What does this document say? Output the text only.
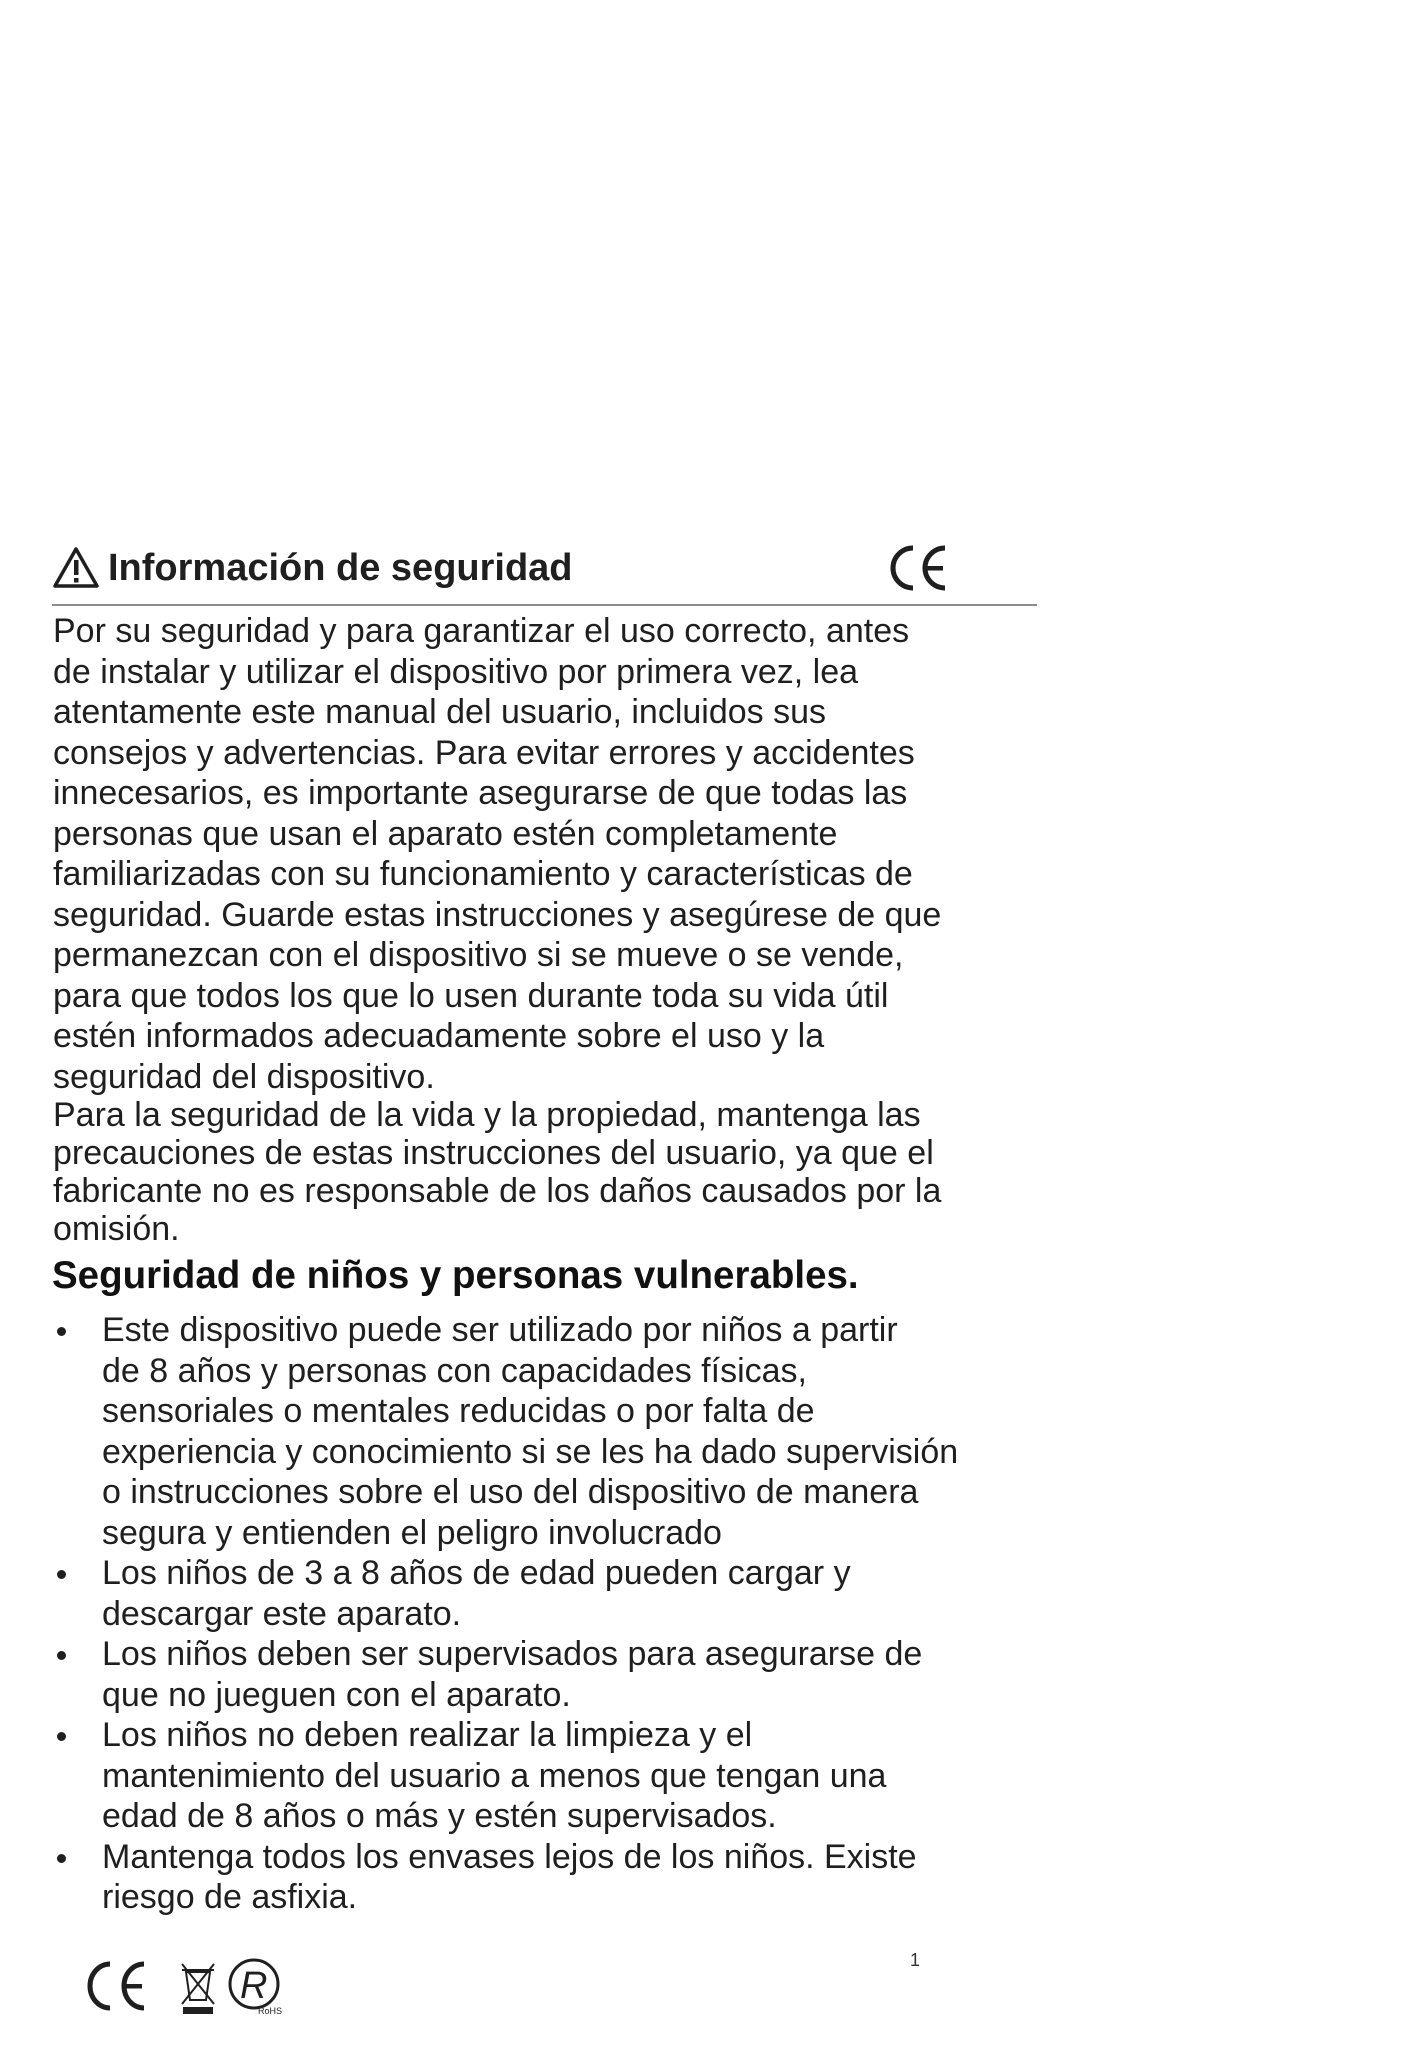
Información de seguridad
Por su seguridad y para garantizar el uso correcto, antes
de instalar y utilizar el dispositivo por primera vez, lea
atentamente este manual del usuario, incluidos sus
consejos y advertencias. Para evitar errores y accidentes
innecesarios, es importante asegurarse de que todas las
personas que usan el aparato estén completamente
familiarizadas con su funcionamiento y características de
seguridad. Guarde estas instrucciones y asegúrese de que
permanezcan con el dispositivo si se mueve o se vende,
para que todos los que lo usen durante toda su vida útil
estén informados adecuadamente sobre el uso y la
seguridad del dispositivo.
Para la seguridad de la vida y la propiedad, mantenga las
precauciones de estas instrucciones del usuario, ya que el
fabricante no es responsable de los daños causados por la
omisión.
Seguridad de niños y personas vulnerables.
Este dispositivo puede ser utilizado por niños a partir
de 8 años y personas con capacidades físicas,
sensoriales o mentales reducidas o por falta de
experiencia y conocimiento si se les ha dado supervisión
o instrucciones sobre el uso del dispositivo de manera
segura y entienden el peligro involucrado
Los niños de 3 a 8 años de edad pueden cargar y
descargar este aparato.
Los niños deben ser supervisados para asegurarse de
que no jueguen con el aparato.
Los niños no deben realizar la limpieza y el
mantenimiento del usuario a menos que tengan una
edad de 8 años o más y estén supervisados.
Mantenga todos los envases lejos de los niños. Existe
riesgo de asfixia.
1
R
RoHS
